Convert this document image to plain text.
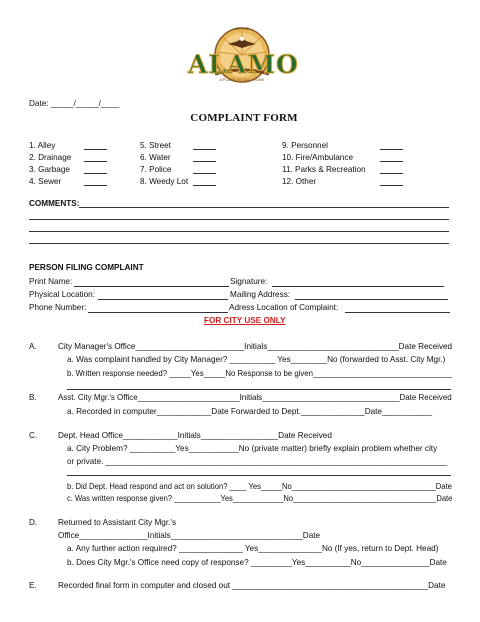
CITY OF
ALAMO
A PLACE TO CALL HOME
Date: _____/_____/____
COMPLAINT FORM
1. Alley
2. Drainage
3. Garbage
4. Sewer
5. Street
6. Water
7. Police
8. Weedy Lot
9. Personnel
10. Fire/Ambulance
11. Parks & Recreation
12. Other
COMMENTS:
PERSON FILING COMPLAINT
Print Name:	Signature:
Physical Location:	Mailing Address:
Phone Number:	Adress Location of Complaint:
FOR CITY USE ONLY
A.	City Manager's Office________________________Initials_____________________________Date Received
a. Was complaint handled by City Manager? __________ Yes________No (forwarded to Asst. City Mgr.)
b. Written response needed? _____Yes_____No Response to be given________________________________
B.	Asst. City Mgr.'s Office_______________________Initials_______________________________Date Received
a. Recorded in computer____________Date Forwarded to Dept.______________Date___________
C.	Dept. Head Office____________Initials_________________Date Received
a. City Problem? __________Yes___________No (private matter) briefly explain problem whether city
or private. ___________________________________________________________________________
b. Did Dept. Head respond and act on solution? ____ Yes_____No__________________________________Date
c. Was written response given? ___________Yes____________No__________________________________Date
D.	Returned to Assistant City Mgr.'s
Office_______________Initials_____________________________Date
a. Any further action required? ______________ Yes______________No (If yes, return to Dept. Head)
b. Does City Mgr.'s Office need copy of response? _________Yes__________No_______________Date
E.	Recorded final form in computer and closed out ___________________________________________Date
